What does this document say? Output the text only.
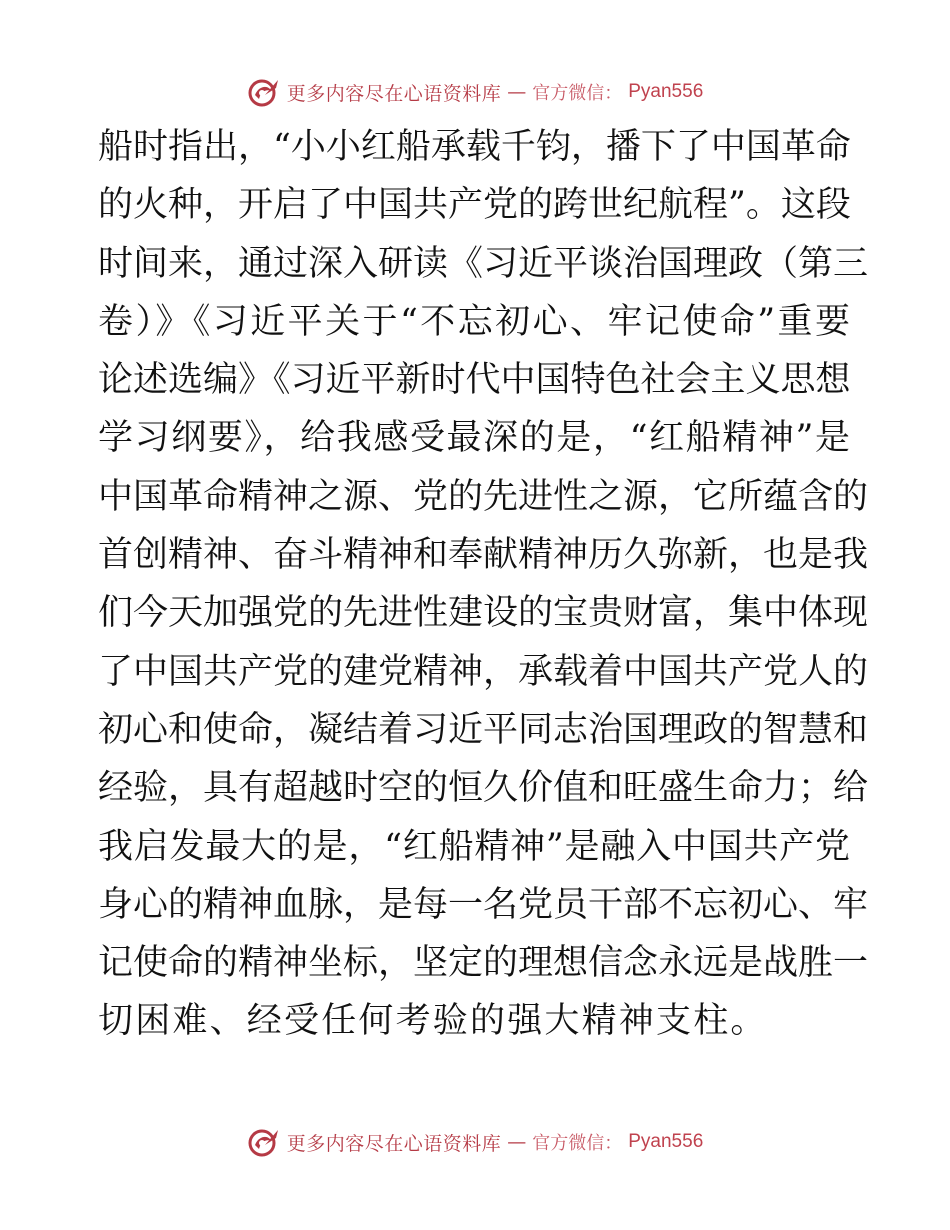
更多内容尽在心语资料库 — 官方微信： Pyan556
船时指出，“小小红船承载千钧，播下了中国革命
的火种，开启了中国共产党的跨世纪航程”。这段
时间来，通过深入研读《习近平谈治国理政（第三
卷）》《习近平关于“不忘初心、牢记使命”重要
论述选编》《习近平新时代中国特色社会主义思想
学习纲要》，给我感受最深的是，“红船精神”是
中国革命精神之源、党的先进性之源，它所蕴含的
首创精神、奋斗精神和奉献精神历久弥新，也是我
们今天加强党的先进性建设的宝贵财富，集中体现
了中国共产党的建党精神，承载着中国共产党人的
初心和使命，凝结着习近平同志治国理政的智慧和
经验，具有超越时空的恒久价值和旺盛生命力；给
我启发最大的是，“红船精神”是融入中国共产党
身心的精神血脉，是每一名党员干部不忘初心、牢
记使命的精神坐标，坚定的理想信念永远是战胜一
切困难、经受任何考验的强大精神支柱。
更多内容尽在心语资料库 — 官方微信： Pyan556
